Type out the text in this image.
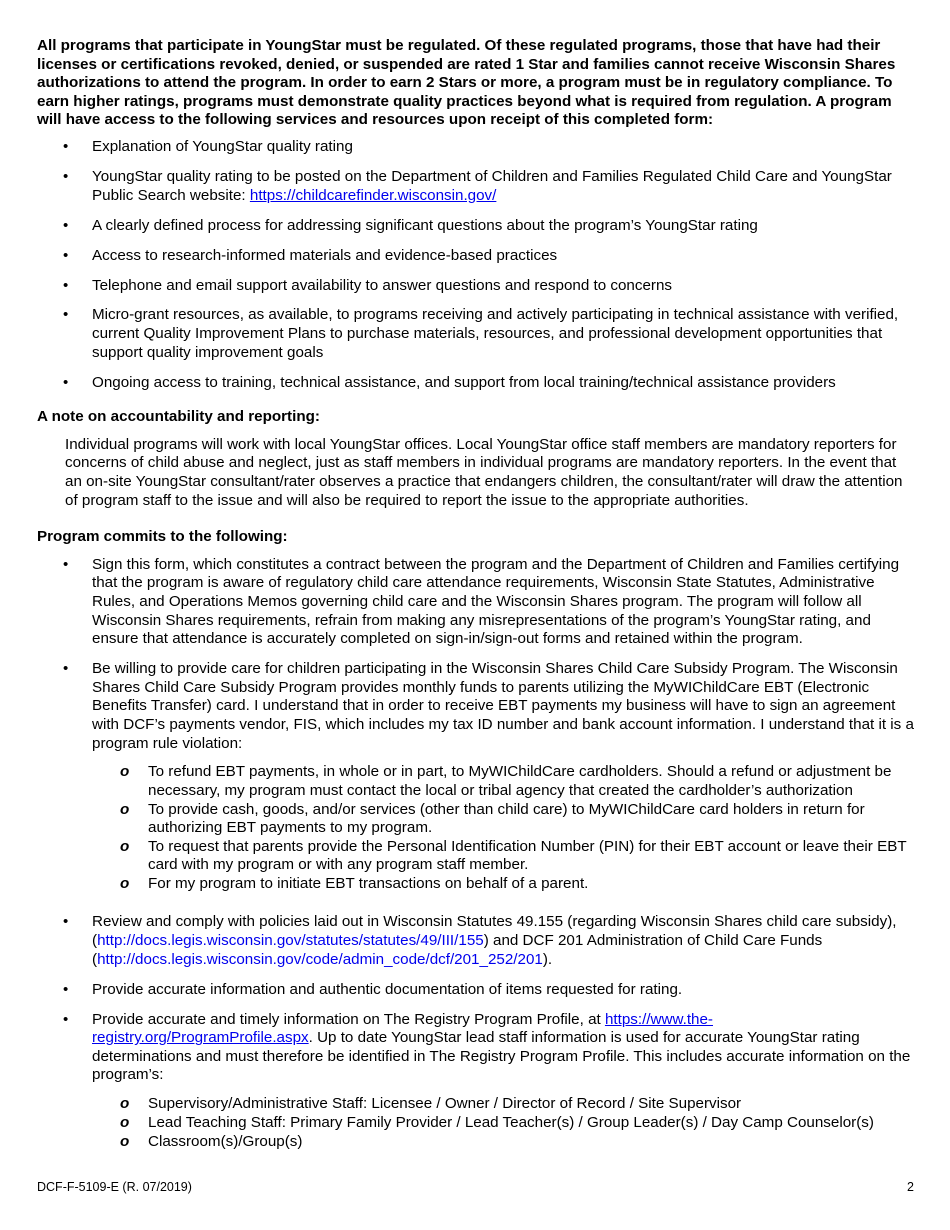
All programs that participate in YoungStar must be regulated. Of these regulated programs, those that have had their licenses or certifications revoked, denied, or suspended are rated 1 Star and families cannot receive Wisconsin Shares authorizations to attend the program. In order to earn 2 Stars or more, a program must be in regulatory compliance. To earn higher ratings, programs must demonstrate quality practices beyond what is required from regulation. A program will have access to the following services and resources upon receipt of this completed form:

• Explanation of YoungStar quality rating
• YoungStar quality rating to be posted on the Department of Children and Families Regulated Child Care and YoungStar Public Search website: https://childcarefinder.wisconsin.gov/
• A clearly defined process for addressing significant questions about the program’s YoungStar rating
• Access to research-informed materials and evidence-based practices
• Telephone and email support availability to answer questions and respond to concerns
• Micro-grant resources, as available, to programs receiving and actively participating in technical assistance with verified, current Quality Improvement Plans to purchase materials, resources, and professional development opportunities that support quality improvement goals
• Ongoing access to training, technical assistance, and support from local training/technical assistance providers
A note on accountability and reporting:

Individual programs will work with local YoungStar offices. Local YoungStar office staff members are mandatory reporters for concerns of child abuse and neglect, just as staff members in individual programs are mandatory reporters. In the event that an on-site YoungStar consultant/rater observes a practice that endangers children, the consultant/rater will draw the attention of program staff to the issue and will also be required to report the issue to the appropriate authorities.

Program commits to the following:
• Sign this form, which constitutes a contract between the program and the Department of Children and Families certifying that the program is aware of regulatory child care attendance requirements, Wisconsin State Statutes, Administrative Rules, and Operations Memos governing child care and the Wisconsin Shares program. The program will follow all Wisconsin Shares requirements, refrain from making any misrepresentations of the program’s YoungStar rating, and ensure that attendance is accurately completed on sign-in/sign-out forms and retained within the program.
• Be willing to provide care for children participating in the Wisconsin Shares Child Care Subsidy Program. The Wisconsin Shares Child Care Subsidy Program provides monthly funds to parents utilizing the MyWIChildCare EBT (Electronic Benefits Transfer) card. I understand that in order to receive EBT payments my business will have to sign an agreement with DCF’s payments vendor, FIS, which includes my tax ID number and bank account information. I understand that it is a program rule violation:
o To refund EBT payments, in whole or in part, to MyWIChildCare cardholders. Should a refund or adjustment be necessary, my program must contact the local or tribal agency that created the cardholder’s authorization
o To provide cash, goods, and/or services (other than child care) to MyWIChildCare card holders in return for authorizing EBT payments to my program.
o To request that parents provide the Personal Identification Number (PIN) for their EBT account or leave their EBT card with my program or with any program staff member.
o For my program to initiate EBT transactions on behalf of a parent.
• Review and comply with policies laid out in Wisconsin Statutes 49.155 (regarding Wisconsin Shares child care subsidy), (http://docs.legis.wisconsin.gov/statutes/statutes/49/III/155) and DCF 201 Administration of Child Care Funds (http://docs.legis.wisconsin.gov/code/admin_code/dcf/201_252/201).
• Provide accurate information and authentic documentation of items requested for rating.
• Provide accurate and timely information on The Registry Program Profile, at https://www.the-registry.org/ProgramProfile.aspx. Up to date YoungStar lead staff information is used for accurate YoungStar rating determinations and must therefore be identified in The Registry Program Profile. This includes accurate information on the program’s:
o Supervisory/Administrative Staff: Licensee / Owner / Director of Record / Site Supervisor
o Lead Teaching Staff: Primary Family Provider / Lead Teacher(s) / Group Leader(s) / Day Camp Counselor(s)
o Classroom(s)/Group(s)
DCF-F-5109-E (R. 07/2019)	2
